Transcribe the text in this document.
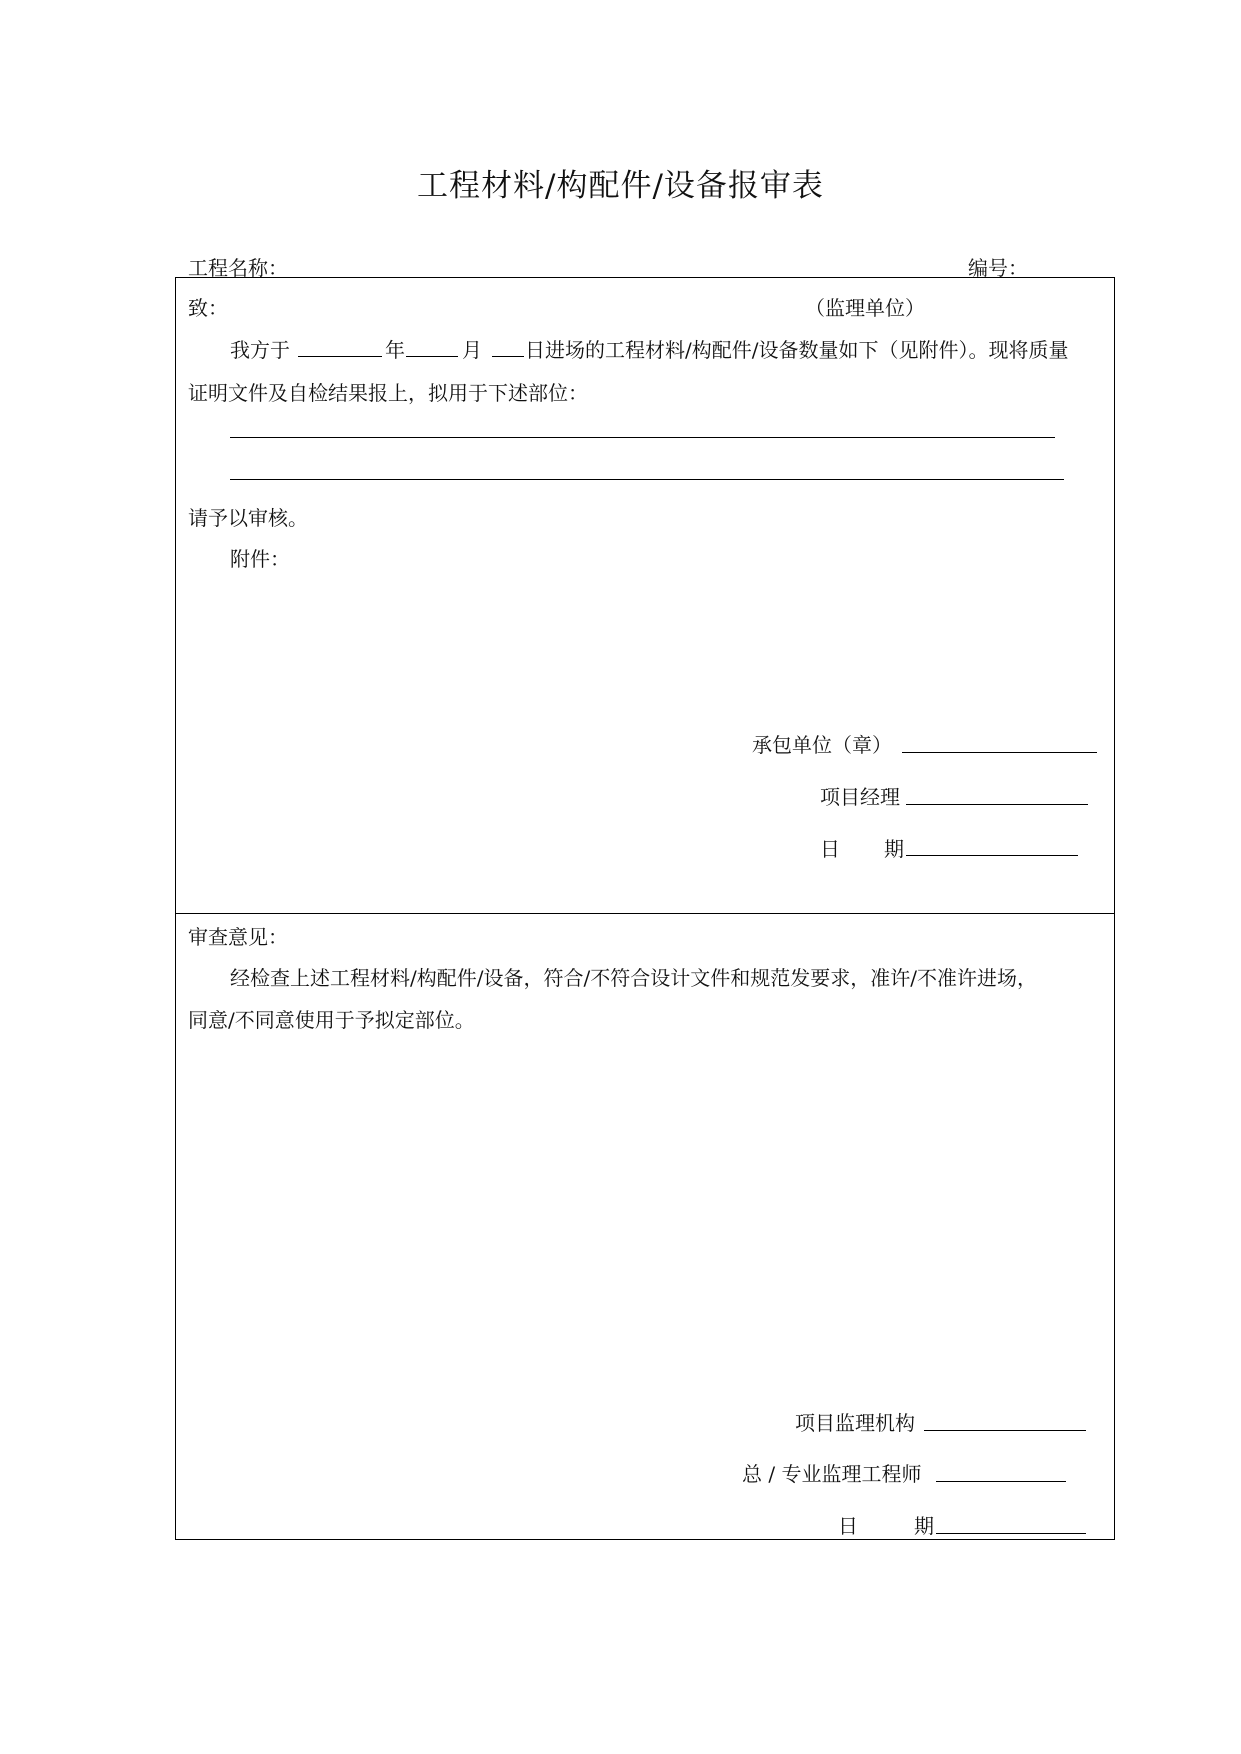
工程材料/构配件/设备报审表
工程名称：	编号：
致：	（监理单位）
我方于	年	月 日进场的工程材料/构配件/设备数量如下（见附件）。现将质量
证明文件及自检结果报上，拟用于下述部位：
请予以审核。
附件：
承包单位（章）
项目经理
日 期
审查意见：
经检查上述工程材料/构配件/设备，符合/不符合设计文件和规范发要求，准许/不准许进场，
同意/不同意使用于予拟定部位。
项目监理机构
总 / 专业监理工程师
日	期
